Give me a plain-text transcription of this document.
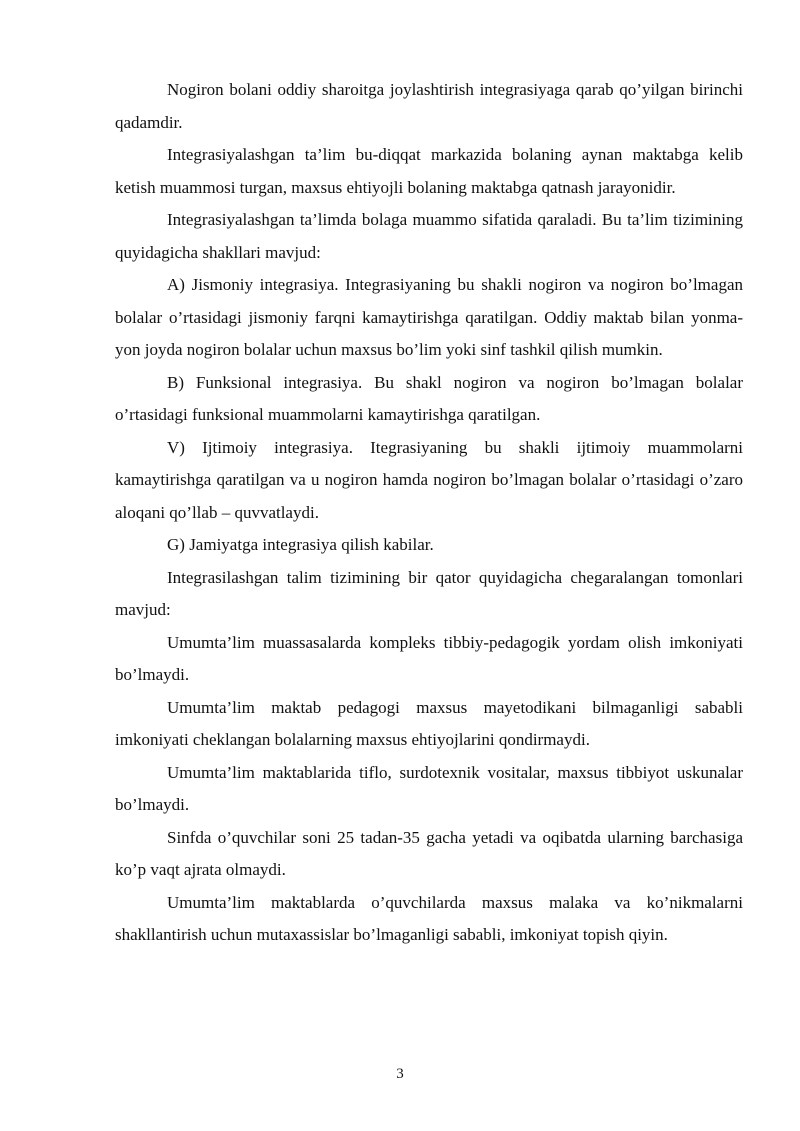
Nogiron bolani oddiy sharoitga joylashtirish integrasiyaga qarab qo’yilgan birinchi qadamdir.

Integrasiyalashgan ta’lim bu-diqqat markazida bolaning aynan maktabga kelib ketish muammosi turgan, maxsus ehtiyojli bolaning maktabga qatnash jarayonidir.

Integrasiyalashgan ta’limda bolaga muammo sifatida qaraladi. Bu ta’lim tizimining quyidagicha shakllari mavjud:

A) Jismoniy integrasiya. Integrasiyaning bu shakli nogiron va nogiron bo’lmagan bolalar o’rtasidagi jismoniy farqni kamaytirishga qaratilgan. Oddiy maktab bilan yonma-yon joyda nogiron bolalar uchun maxsus bo’lim yoki sinf tashkil qilish mumkin.

B) Funksional integrasiya. Bu shakl nogiron va nogiron bo’lmagan bolalar o’rtasidagi funksional muammolarni kamaytirishga qaratilgan.

V) Ijtimoiy integrasiya. Itegrasiyaning bu shakli ijtimoiy muammolarni kamaytirishga qaratilgan va u nogiron hamda nogiron bo’lmagan bolalar o’rtasidagi o’zaro aloqani qo’llab – quvvatlaydi.

G) Jamiyatga integrasiya qilish kabilar.

Integrasilashgan talim tizimining bir qator quyidagicha chegaralangan tomonlari mavjud:

Umumta’lim muassasalarda kompleks tibbiy-pedagogik yordam olish imkoniyati bo’lmaydi.

Umumta’lim maktab pedagogi maxsus mayetodikani bilmaganligi sababli imkoniyati cheklangan bolalarning maxsus ehtiyojlarini qondirmaydi.

Umumta’lim maktablarida tiflo, surdotexnik vositalar, maxsus tibbiyot uskunalar bo’lmaydi.

Sinfda o’quvchilar soni 25 tadan-35 gacha yetadi va oqibatda ularning barchasiga ko’p vaqt ajrata olmaydi.

Umumta’lim maktablarda o’quvchilarda maxsus malaka va ko’nikmalarni shakllantirish uchun mutaxassislar bo’lmaganligi sababli, imkoniyat topish qiyin.

3
